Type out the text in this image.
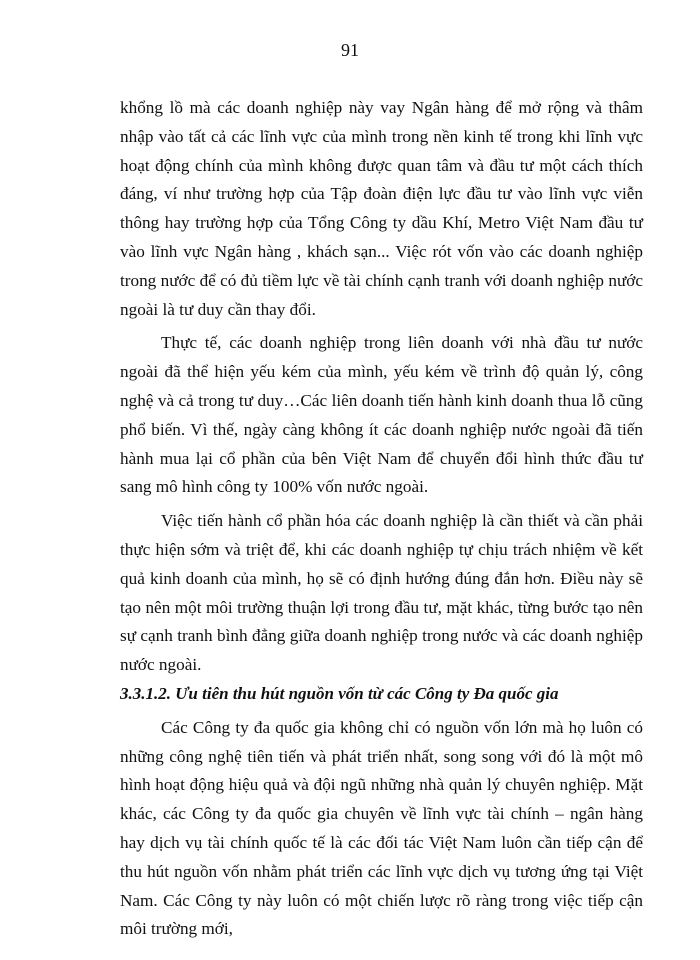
91

khổng lồ mà các doanh nghiệp này vay Ngân hàng để mở rộng và thâm nhập vào tất cả các lĩnh vực của mình trong nền kinh tế trong khi lĩnh vực hoạt động chính của mình không được quan tâm và đầu tư một cách thích đáng, ví như trường hợp của Tập đoàn điện lực đầu tư vào lĩnh vực viễn thông hay trường hợp của Tổng Công ty dầu Khí, Metro Việt Nam đầu tư vào lĩnh vực Ngân hàng , khách sạn... Việc rót vốn vào các doanh nghiệp trong nước để có đủ tiềm lực về tài chính cạnh tranh với doanh nghiệp nước ngoài là tư duy cần thay đổi.

Thực tế, các doanh nghiệp trong liên doanh với nhà đầu tư nước ngoài đã thể hiện yếu kém của mình, yếu kém về trình độ quản lý, công nghệ và cả trong tư duy…Các liên doanh tiến hành kinh doanh thua lỗ cũng phổ biến. Vì thế, ngày càng không ít các doanh nghiệp nước ngoài đã tiến hành mua lại cổ phần của bên Việt Nam để chuyển đổi hình thức đầu tư sang mô hình công ty 100% vốn nước ngoài.

Việc tiến hành cổ phần hóa các doanh nghiệp là cần thiết và cần phải thực hiện sớm và triệt để, khi các doanh nghiệp tự chịu trách nhiệm về kết quả kinh doanh của mình, họ sẽ có định hướng đúng đắn hơn. Điều này sẽ tạo nên một môi trường thuận lợi trong đầu tư, mặt khác, từng bước tạo nên sự cạnh tranh bình đẳng giữa doanh nghiệp trong nước và các doanh nghiệp nước ngoài.

3.3.1.2. Ưu tiên thu hút nguồn vốn từ các Công ty Đa quốc gia

Các Công ty đa quốc gia không chỉ có nguồn vốn lớn mà họ luôn có những công nghệ tiên tiến và phát triển nhất, song song với đó là một mô hình hoạt động hiệu quả và đội ngũ những nhà quản lý chuyên nghiệp. Mặt khác, các Công ty đa quốc gia chuyên về lĩnh vực tài chính – ngân hàng hay dịch vụ tài chính quốc tế là các đối tác Việt Nam luôn cần tiếp cận để thu hút nguồn vốn nhằm phát triển các lĩnh vực dịch vụ tương ứng tại Việt Nam. Các Công ty này luôn có một chiến lược rõ ràng trong việc tiếp cận môi trường mới,
